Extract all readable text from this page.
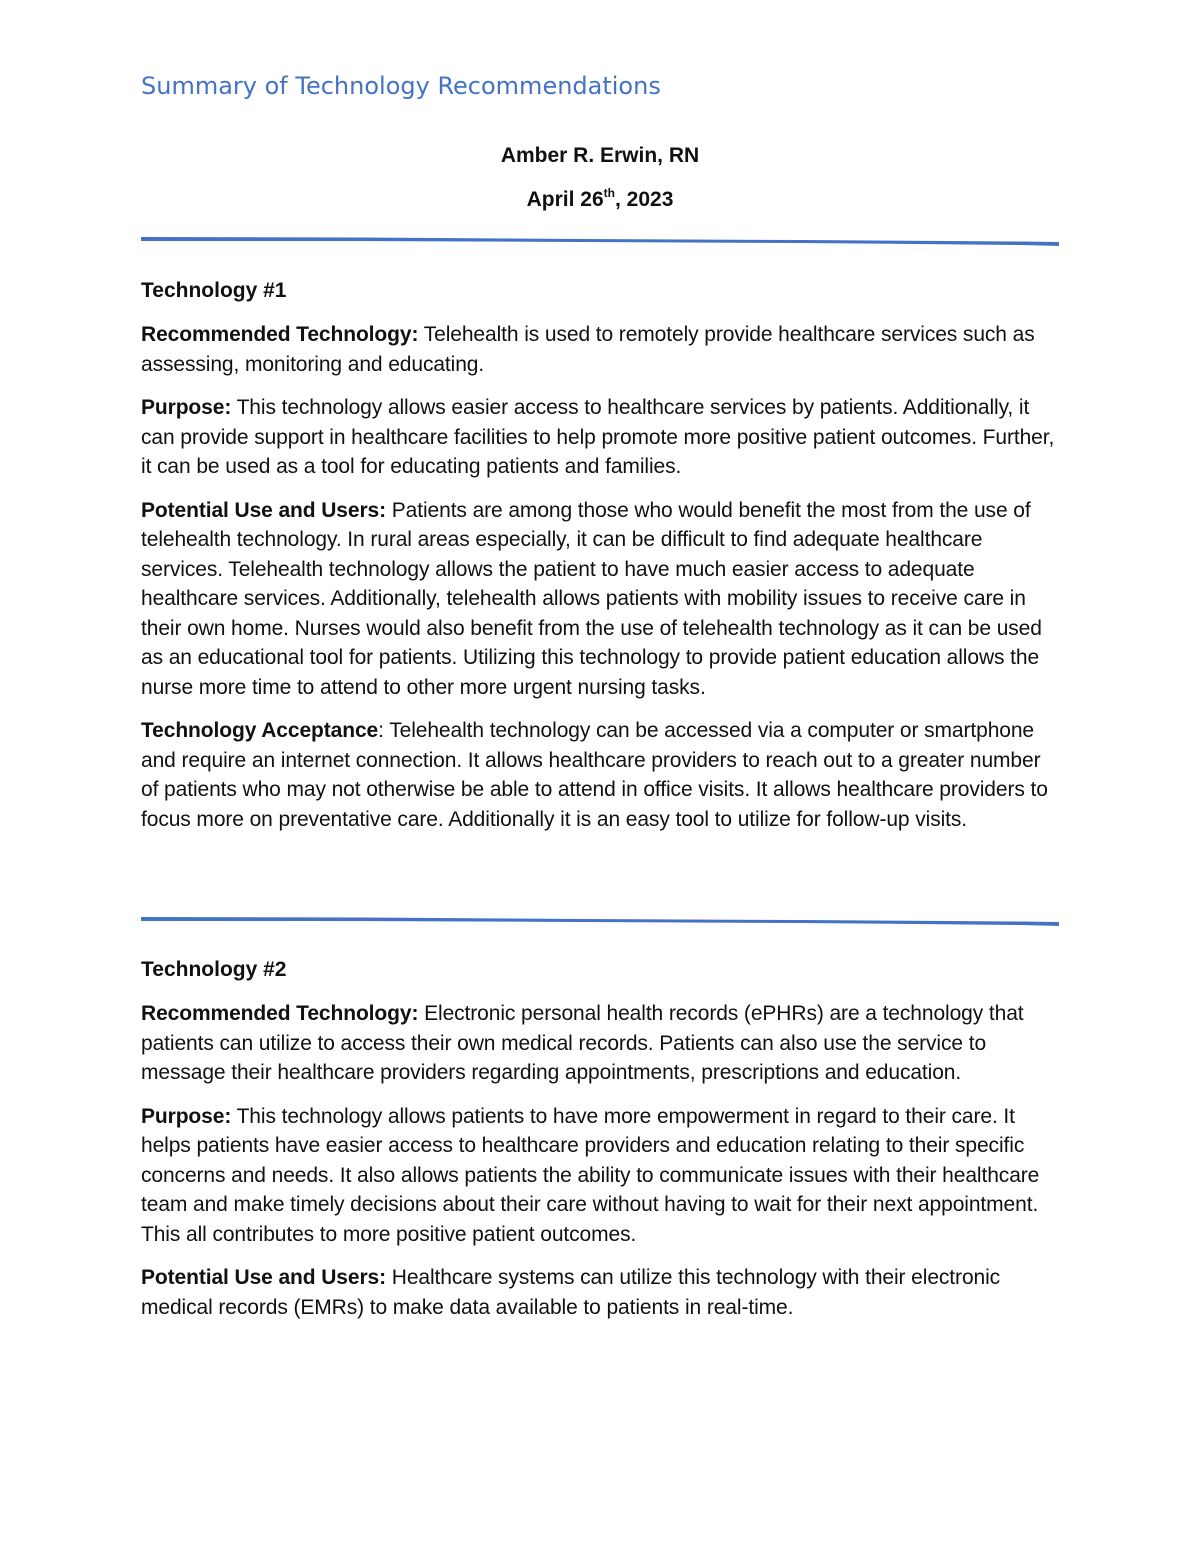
Summary of Technology Recommendations

Amber R. Erwin, RN

April 26th, 2023

Technology #1

Recommended Technology: Telehealth is used to remotely provide healthcare services such as assessing, monitoring and educating.

Purpose: This technology allows easier access to healthcare services by patients. Additionally, it can provide support in healthcare facilities to help promote more positive patient outcomes. Further, it can be used as a tool for educating patients and families.

Potential Use and Users: Patients are among those who would benefit the most from the use of telehealth technology. In rural areas especially, it can be difficult to find adequate healthcare services. Telehealth technology allows the patient to have much easier access to adequate healthcare services. Additionally, telehealth allows patients with mobility issues to receive care in their own home. Nurses would also benefit from the use of telehealth technology as it can be used as an educational tool for patients. Utilizing this technology to provide patient education allows the nurse more time to attend to other more urgent nursing tasks.

Technology Acceptance: Telehealth technology can be accessed via a computer or smartphone and require an internet connection. It allows healthcare providers to reach out to a greater number of patients who may not otherwise be able to attend in office visits. It allows healthcare providers to focus more on preventative care. Additionally it is an easy tool to utilize for follow-up visits.

Technology #2

Recommended Technology: Electronic personal health records (ePHRs) are a technology that patients can utilize to access their own medical records. Patients can also use the service to message their healthcare providers regarding appointments, prescriptions and education.

Purpose: This technology allows patients to have more empowerment in regard to their care. It helps patients have easier access to healthcare providers and education relating to their specific concerns and needs. It also allows patients the ability to communicate issues with their healthcare team and make timely decisions about their care without having to wait for their next appointment. This all contributes to more positive patient outcomes.

Potential Use and Users: Healthcare systems can utilize this technology with their electronic medical records (EMRs) to make data available to patients in real-time.
